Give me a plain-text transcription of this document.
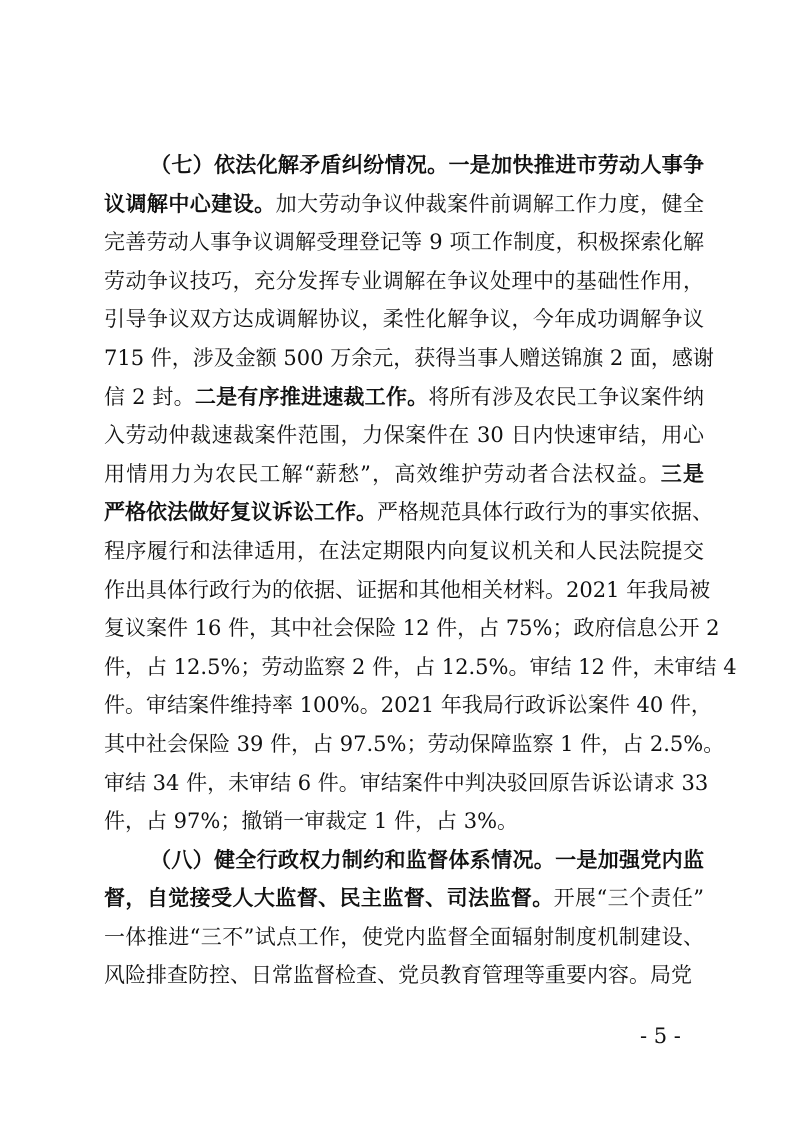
（七）依法化解矛盾纠纷情况。一是加快推进市劳动人事争
议调解中心建设。加大劳动争议仲裁案件前调解工作力度，健全
完善劳动人事争议调解受理登记等 9 项工作制度，积极探索化解
劳动争议技巧，充分发挥专业调解在争议处理中的基础性作用，
引导争议双方达成调解协议，柔性化解争议，今年成功调解争议
715 件，涉及金额 500 万余元，获得当事人赠送锦旗 2 面，感谢
信 2 封。二是有序推进速裁工作。将所有涉及农民工争议案件纳
入劳动仲裁速裁案件范围，力保案件在 30 日内快速审结，用心
用情用力为农民工解“薪愁”，高效维护劳动者合法权益。三是
严格依法做好复议诉讼工作。严格规范具体行政行为的事实依据、
程序履行和法律适用，在法定期限内向复议机关和人民法院提交
作出具体行政行为的依据、证据和其他相关材料。2021 年我局被
复议案件 16 件，其中社会保险 12 件，占 75%；政府信息公开 2
件，占 12.5%；劳动监察 2 件，占 12.5%。审结 12 件，未审结 4
件。审结案件维持率 100%。2021 年我局行政诉讼案件 40 件，
其中社会保险 39 件，占 97.5%；劳动保障监察 1 件，占 2.5%。
审结 34 件，未审结 6 件。审结案件中判决驳回原告诉讼请求 33
件，占 97%；撤销一审裁定 1 件，占 3%。
（八）健全行政权力制约和监督体系情况。一是加强党内监
督，自觉接受人大监督、民主监督、司法监督。开展“三个责任”
一体推进“三不”试点工作，使党内监督全面辐射制度机制建设、
风险排查防控、日常监督检查、党员教育管理等重要内容。局党
- 5 -
